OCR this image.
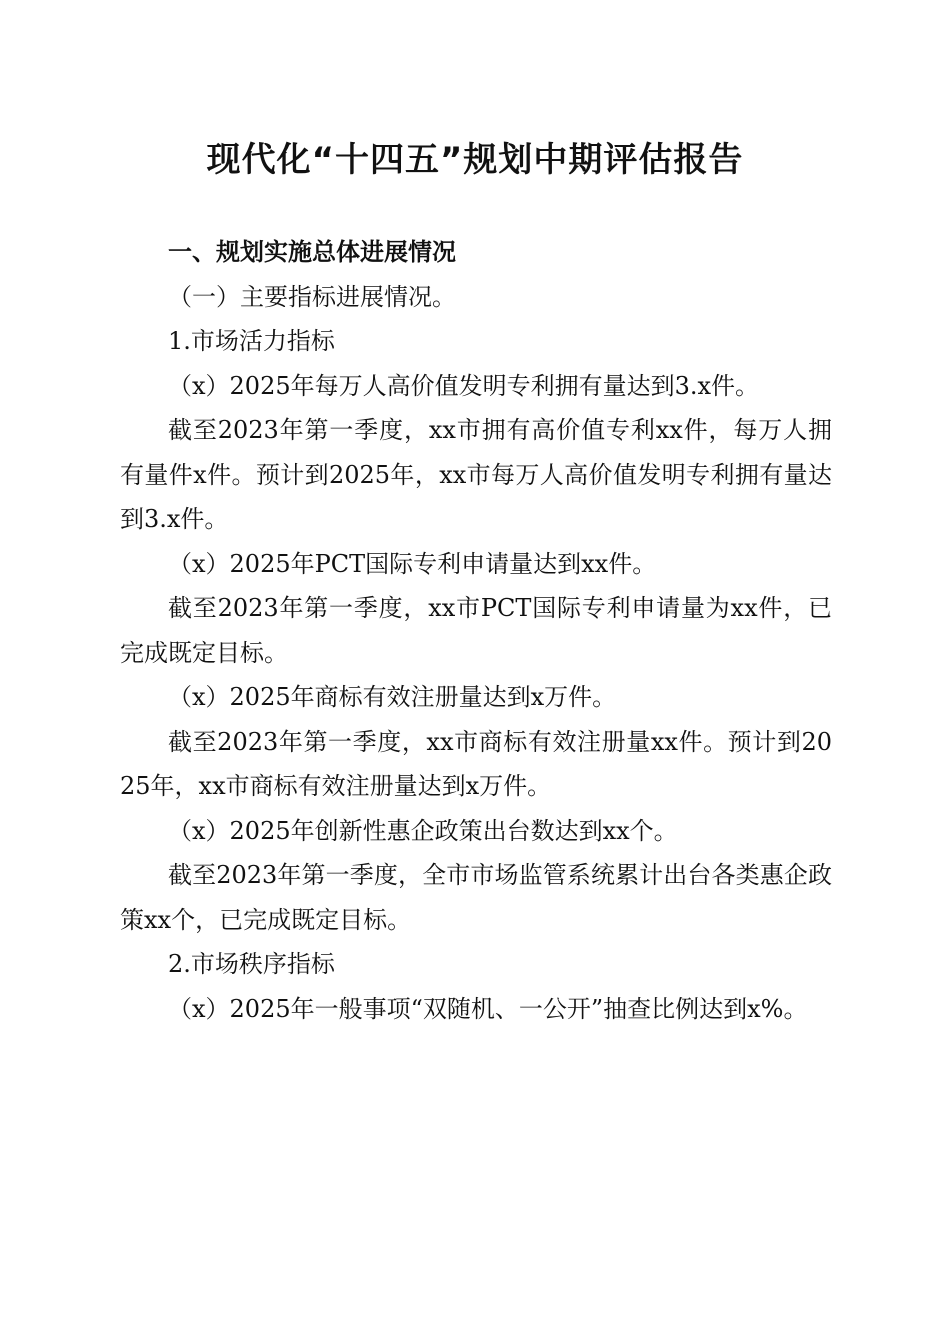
现代化“十四五”规划中期评估报告

一、规划实施总体进展情况

（一）主要指标进展情况。

1.市场活力指标

（x）2025年每万人高价值发明专利拥有量达到3.x件。

截至2023年第一季度，xx市拥有高价值专利xx件，每万人拥有量件x件。预计到2025年，xx市每万人高价值发明专利拥有量达到3.x件。

（x）2025年PCT国际专利申请量达到xx件。

截至2023年第一季度，xx市PCT国际专利申请量为xx件，已完成既定目标。

（x）2025年商标有效注册量达到x万件。

截至2023年第一季度，xx市商标有效注册量xx件。预计到2025年，xx市商标有效注册量达到x万件。

（x）2025年创新性惠企政策出台数达到xx个。

截至2023年第一季度，全市市场监管系统累计出台各类惠企政策xx个，已完成既定目标。

2.市场秩序指标

（x）2025年一般事项“双随机、一公开”抽查比例达到x%。
